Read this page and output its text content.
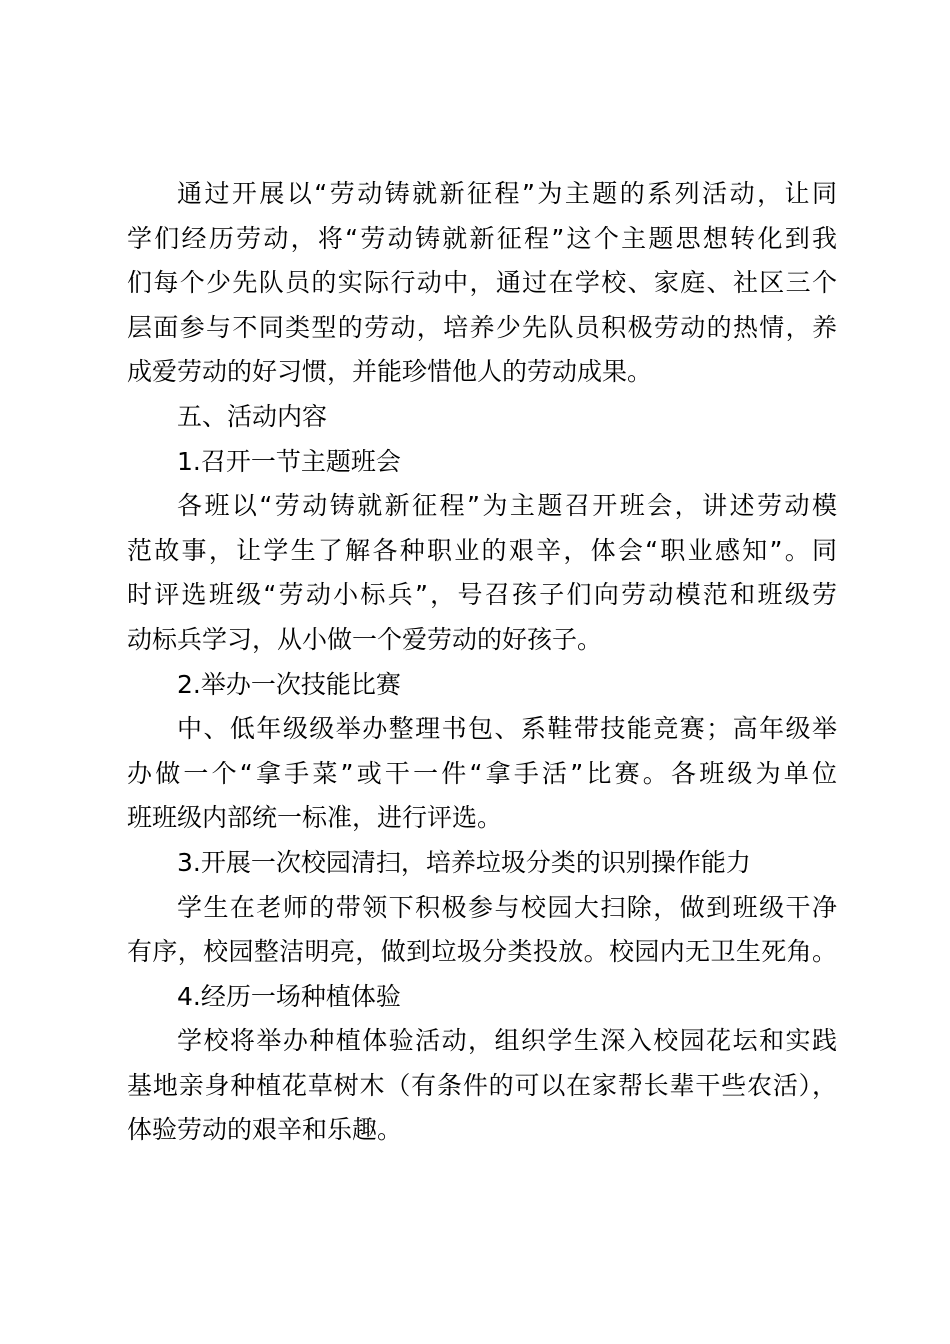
通过开展以“劳动铸就新征程”为主题的系列活动，让同
学们经历劳动，将“劳动铸就新征程”这个主题思想转化到我
们每个少先队员的实际行动中，通过在学校、家庭、社区三个
层面参与不同类型的劳动，培养少先队员积极劳动的热情，养
成爱劳动的好习惯，并能珍惜他人的劳动成果。
五、活动内容
1.召开一节主题班会
各班以“劳动铸就新征程”为主题召开班会，讲述劳动模
范故事，让学生了解各种职业的艰辛，体会“职业感知”。同
时评选班级“劳动小标兵”，号召孩子们向劳动模范和班级劳
动标兵学习，从小做一个爱劳动的好孩子。
2.举办一次技能比赛
中、低年级级举办整理书包、系鞋带技能竞赛；高年级举
办做一个“拿手菜”或干一件“拿手活”比赛。各班级为单位
班班级内部统一标准，进行评选。
3.开展一次校园清扫，培养垃圾分类的识别操作能力
学生在老师的带领下积极参与校园大扫除，做到班级干净
有序，校园整洁明亮，做到垃圾分类投放。校园内无卫生死角。
4.经历一场种植体验
学校将举办种植体验活动，组织学生深入校园花坛和实践
基地亲身种植花草树木（有条件的可以在家帮长辈干些农活），
体验劳动的艰辛和乐趣。
